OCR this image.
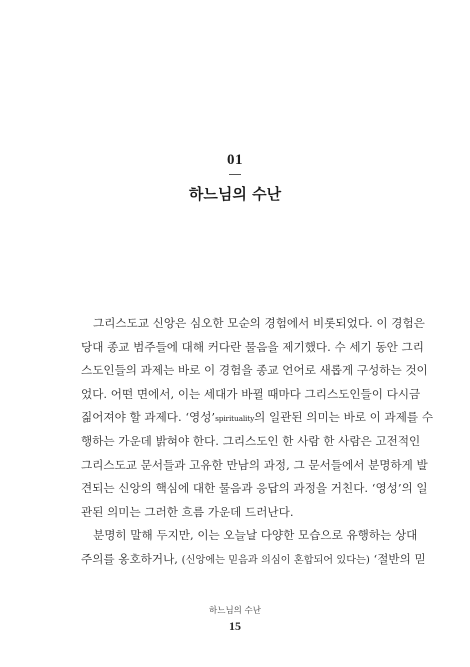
01
하느님의 수난
그리스도교 신앙은 심오한 모순의 경험에서 비롯되었다. 이 경험은
당대 종교 범주들에 대해 커다란 물음을 제기했다. 수 세기 동안 그리
스도인들의 과제는 바로 이 경험을 종교 언어로 새롭게 구성하는 것이
었다. 어떤 면에서, 이는 세대가 바뀔 때마다 그리스도인들이 다시금
짊어져야 할 과제다. ‘영성’spirituality의 일관된 의미는 바로 이 과제를 수
행하는 가운데 밝혀야 한다. 그리스도인 한 사람 한 사람은 고전적인
그리스도교 문서들과 고유한 만남의 과정, 그 문서들에서 분명하게 발
견되는 신앙의 핵심에 대한 물음과 응답의 과정을 거친다. ‘영성’의 일
관된 의미는 그러한 흐름 가운데 드러난다.
분명히 말해 두지만, 이는 오늘날 다양한 모습으로 유행하는 상대
주의를 옹호하거나, (신앙에는 믿음과 의심이 혼합되어 있다는) ‘절반의 믿
하느님의 수난
15
